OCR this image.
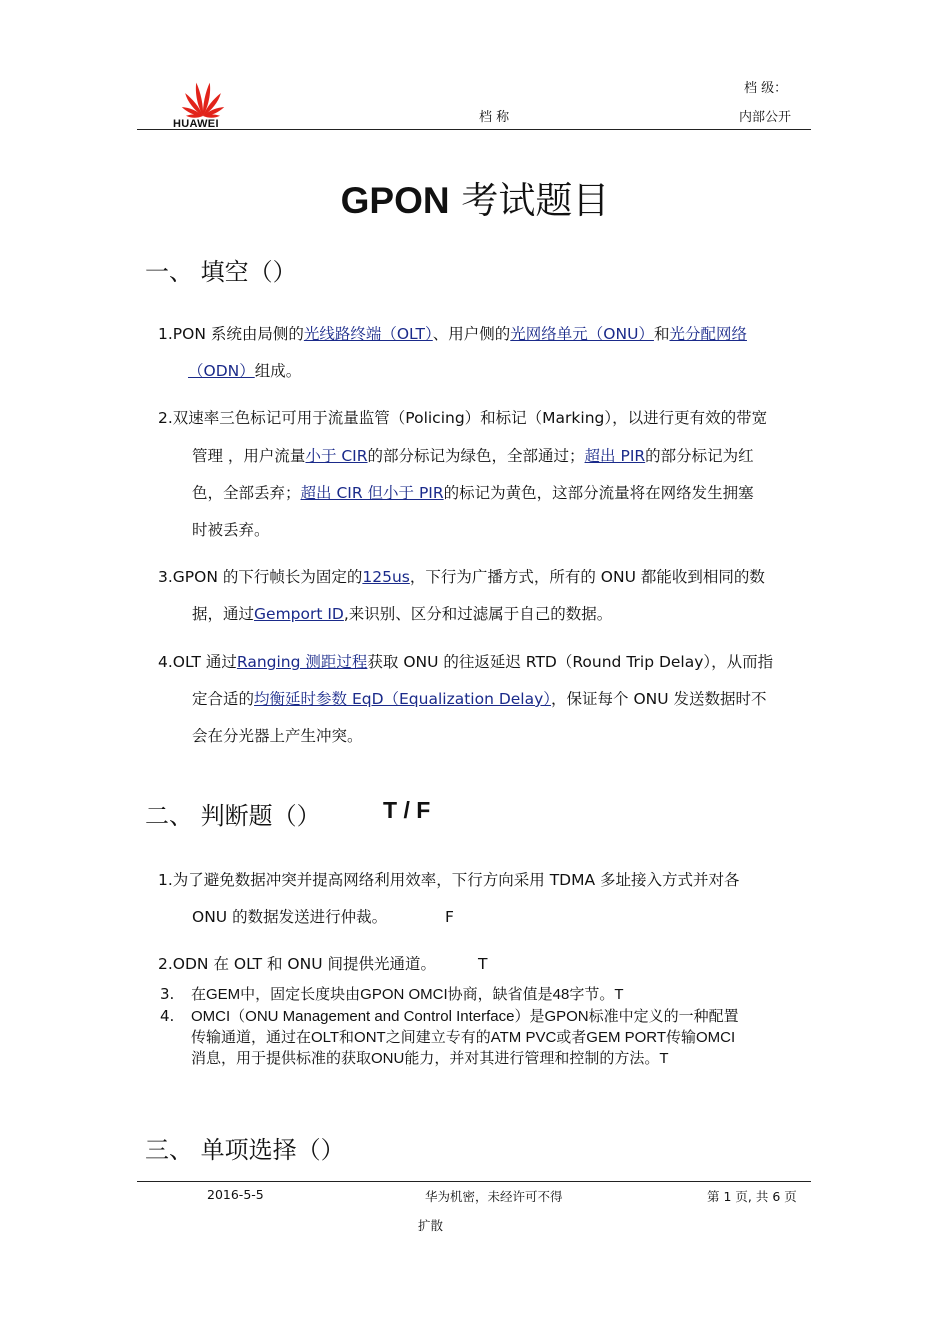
HUAWEI
档 级：
档 称	内部公开
GPON 考试题目
一、 填空（）
1.PON 系统由局侧的光线路终端（OLT）、用户侧的光网络单元（ONU）和光分配网络
（ODN）组成。
2.双速率三色标记可用于流量监管（Policing）和标记（Marking），以进行更有效的带宽
管理 ，用户流量小于 CIR的部分标记为绿色，全部通过；超出 PIR的部分标记为红
色，全部丢弃；超出 CIR 但小于 PIR的标记为黄色，这部分流量将在网络发生拥塞
时被丢弃。
3.GPON 的下行帧长为固定的125us，下行为广播方式，所有的 ONU 都能收到相同的数
据，通过Gemport ID,来识别、区分和过滤属于自己的数据。
4.OLT 通过Ranging 测距过程获取 ONU 的往返延迟 RTD（Round Trip Delay），从而指
定合适的均衡延时参数 EqD（Equalization Delay），保证每个 ONU 发送数据时不
会在分光器上产生冲突。
二、 判断题（）	T / F
1.为了避免数据冲突并提高网络利用效率，下行方向采用 TDMA 多址接入方式并对各
ONU 的数据发送进行仲裁。	F
2.ODN 在 OLT 和 ONU 间提供光通道。	T
3. 在GEM中，固定长度块由GPON OMCI协商，缺省值是48字节。T
4. OMCI（ONU Management and Control Interface）是GPON标准中定义的一种配置
传输通道，通过在OLT和ONT之间建立专有的ATM PVC或者GEM PORT传输OMCI
消息，用于提供标准的获取ONU能力，并对其进行管理和控制的方法。T
三、 单项选择（）
2016-5-5	华为机密，未经许可不得
扩散
第 1 页, 共 6 页
